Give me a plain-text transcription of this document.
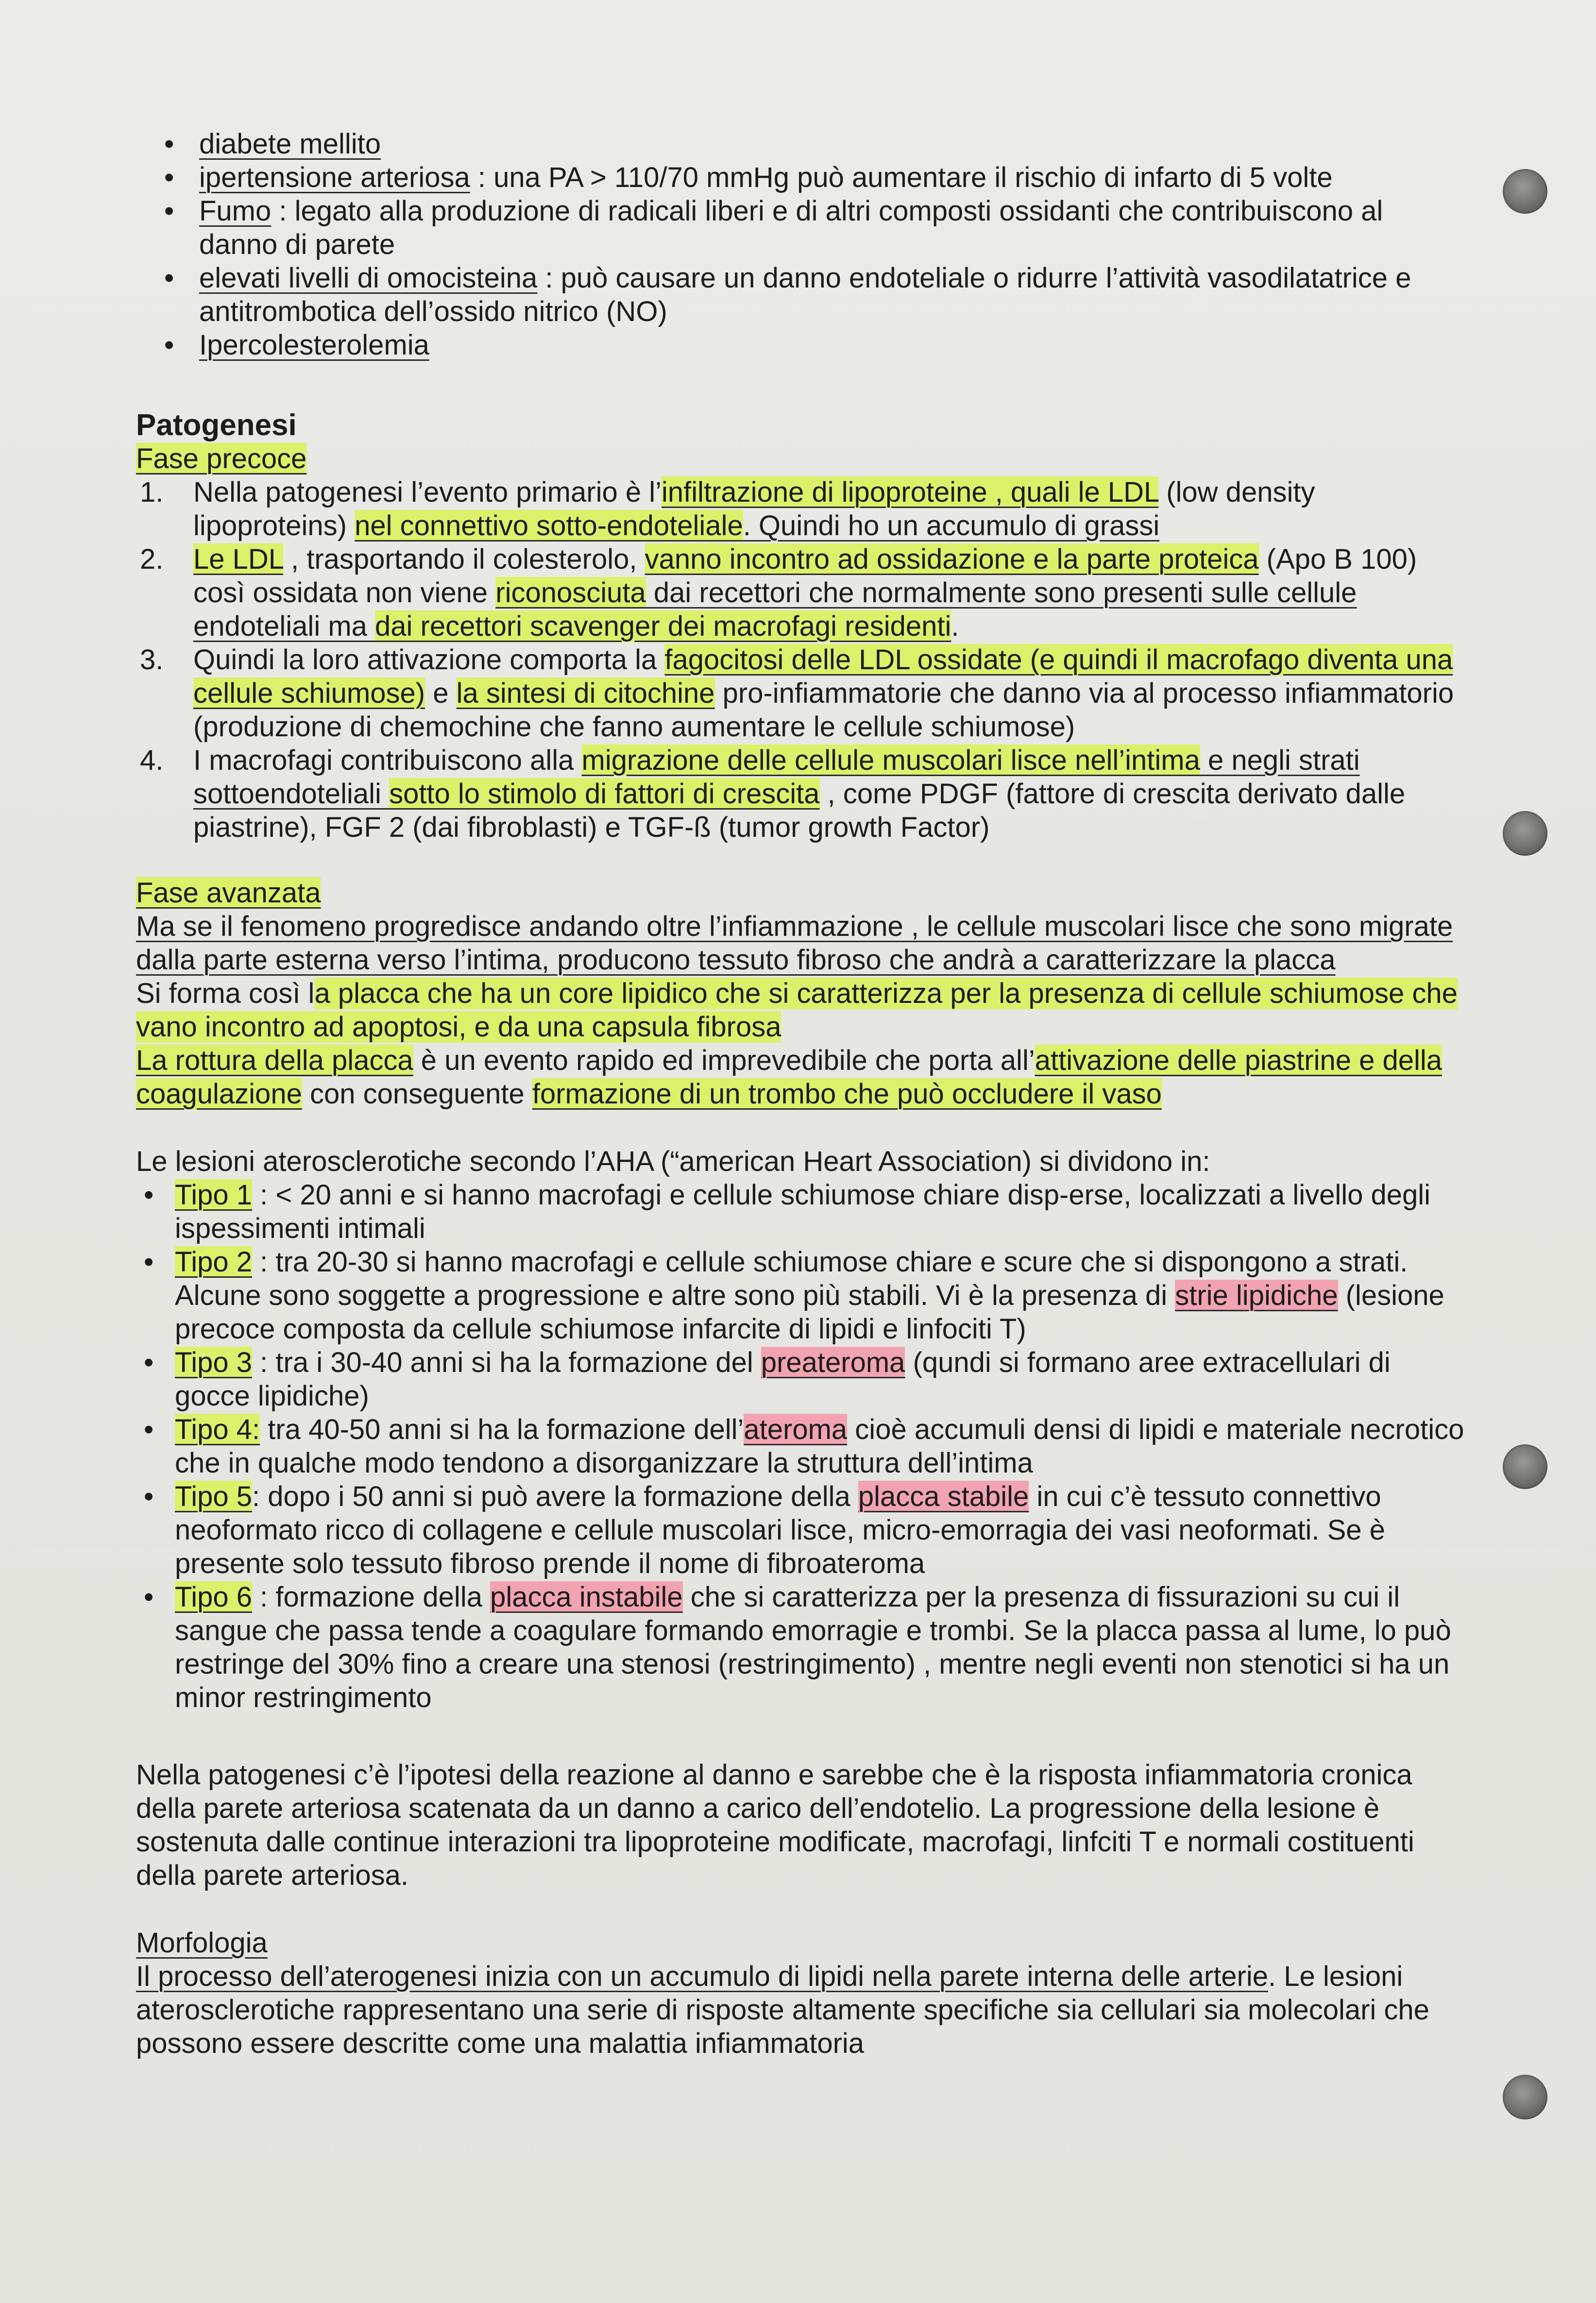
• diabete mellito
• ipertensione arteriosa : una PA > 110/70 mmHg può aumentare il rischio di infarto di 5 volte
• Fumo : legato alla produzione di radicali liberi e di altri composti ossidanti che contribuiscono al danno di parete
• elevati livelli di omocisteina : può causare un danno endoteliale o ridurre l’attività vasodilatatrice e antitrombotica dell’ossido nitrico (NO)
• Ipercolesterolemia
Patogenesi
Fase precoce
1. Nella patogenesi l’evento primario è l’infiltrazione di lipoproteine , quali le LDL (low density lipoproteins) nel connettivo sotto-endoteliale. Quindi ho un accumulo di grassi
2. Le LDL , trasportando il colesterolo, vanno incontro ad ossidazione e la parte proteica (Apo B 100) così ossidata non viene riconosciuta dai recettori che normalmente sono presenti sulle cellule endoteliali ma dai recettori scavenger dei macrofagi residenti.
3. Quindi la loro attivazione comporta la fagocitosi delle LDL ossidate (e quindi il macrofago diventa una cellule schiumose) e la sintesi di citochine pro-infiammatorie che danno via al processo infiammatorio (produzione di chemochine che fanno aumentare le cellule schiumose)
4. I macrofagi contribuiscono alla migrazione delle cellule muscolari lisce nell’intima e negli strati sottoendoteliali sotto lo stimolo di fattori di crescita , come PDGF (fattore di crescita derivato dalle piastrine), FGF 2 (dai fibroblasti) e TGF-ß (tumor growth Factor)
Fase avanzata

Ma se il fenomeno progredisce andando oltre l’infiammazione , le cellule muscolari lisce che sono migrate dalla parte esterna verso l’intima, producono tessuto fibroso che andrà a caratterizzare la placca

Si forma così la placca che ha un core lipidico che si caratterizza per la presenza di cellule schiumose che vano incontro ad apoptosi, e da una capsula fibrosa

La rottura della placca è un evento rapido ed imprevedibile che porta all’attivazione delle piastrine e della coagulazione con conseguente formazione di un trombo che può occludere il vaso

Le lesioni aterosclerotiche secondo l’AHA (“american Heart Association) si dividono in:

• Tipo 1 : < 20 anni e si hanno macrofagi e cellule schiumose chiare disp-erse, localizzati a livello degli ispessimenti intimali
• Tipo 2 : tra 20-30 si hanno macrofagi e cellule schiumose chiare e scure che si dispongono a strati. Alcune sono soggette a progressione e altre sono più stabili. Vi è la presenza di strie lipidiche (lesione precoce composta da cellule schiumose infarcite di lipidi e linfociti T)
• Tipo 3 : tra i 30-40 anni si ha la formazione del preateroma (qundi si formano aree extracellulari di gocce lipidiche)
• Tipo 4: tra 40-50 anni si ha la formazione dell’ateroma cioè accumuli densi di lipidi e materiale necrotico che in qualche modo tendono a disorganizzare la struttura dell’intima
• Tipo 5: dopo i 50 anni si può avere la formazione della placca stabile in cui c’è tessuto connettivo neoformato ricco di collagene e cellule muscolari lisce, micro-emorragia dei vasi neoformati. Se è presente solo tessuto fibroso prende il nome di fibroateroma
• Tipo 6 : formazione della placca instabile che si caratterizza per la presenza di fissurazioni su cui il sangue che passa tende a coagulare formando emorragie e trombi. Se la placca passa al lume, lo può restringe del 30% fino a creare una stenosi (restringimento) , mentre negli eventi non stenotici si ha un minor restringimento

Nella patogenesi c’è l’ipotesi della reazione al danno e sarebbe che è la risposta infiammatoria cronica della parete arteriosa scatenata da un danno a carico dell’endotelio. La progressione della lesione è sostenuta dalle continue interazioni tra lipoproteine modificate, macrofagi, linfciti T e normali costituenti della parete arteriosa.

Morfologia

Il processo dell’aterogenesi inizia con un accumulo di lipidi nella parete interna delle arterie. Le lesioni aterosclerotiche rappresentano una serie di risposte altamente specifiche sia cellulari sia molecolari che possono essere descritte come una malattia infiammatoria
